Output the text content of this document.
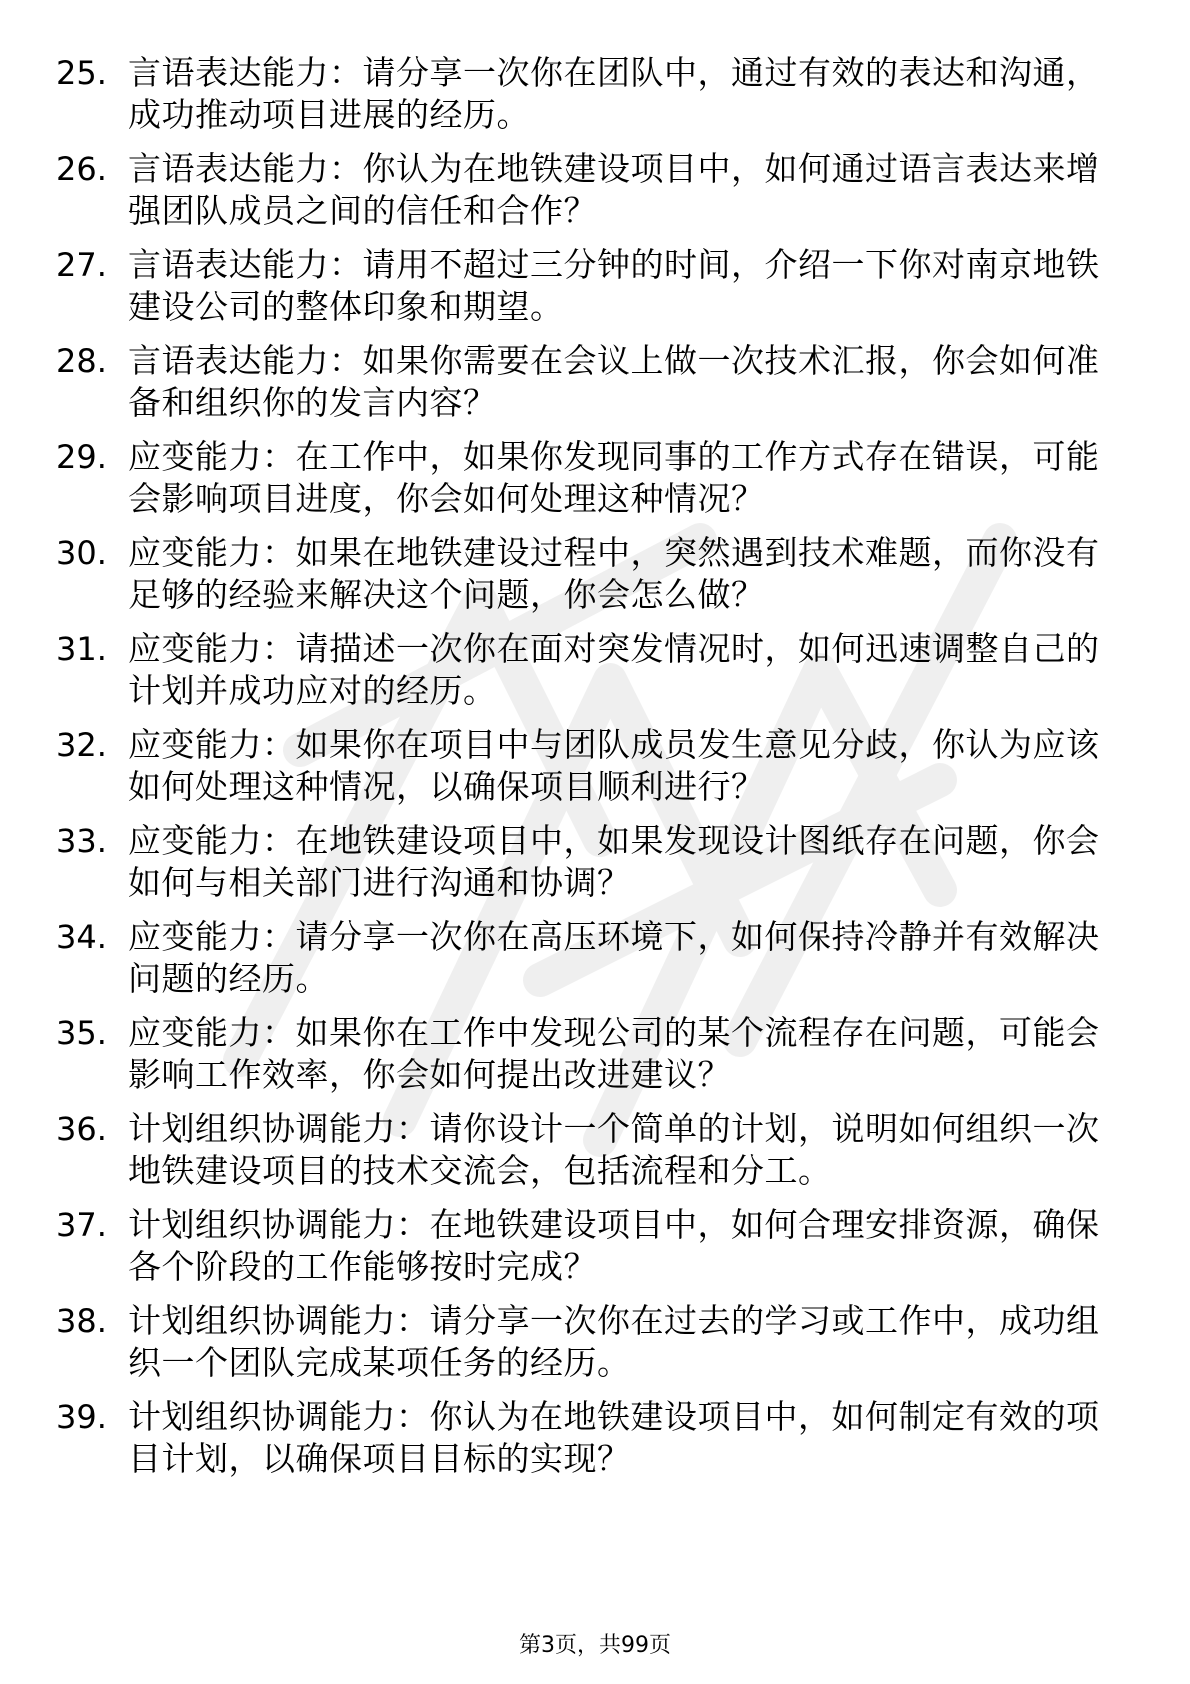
25. 言语表达能力：请分享一次你在团队中，通过有效的表达和沟通，成功推动项目进展的经历。
26. 言语表达能力：你认为在地铁建设项目中，如何通过语言表达来增强团队成员之间的信任和合作？
27. 言语表达能力：请用不超过三分钟的时间，介绍一下你对南京地铁建设公司的整体印象和期望。
28. 言语表达能力：如果你需要在会议上做一次技术汇报，你会如何准备和组织你的发言内容？
29. 应变能力：在工作中，如果你发现同事的工作方式存在错误，可能会影响项目进度，你会如何处理这种情况？
30. 应变能力：如果在地铁建设过程中，突然遇到技术难题，而你没有足够的经验来解决这个问题，你会怎么做？
31. 应变能力：请描述一次你在面对突发情况时，如何迅速调整自己的计划并成功应对的经历。
32. 应变能力：如果你在项目中与团队成员发生意见分歧，你认为应该如何处理这种情况，以确保项目顺利进行？
33. 应变能力：在地铁建设项目中，如果发现设计图纸存在问题，你会如何与相关部门进行沟通和协调？
34. 应变能力：请分享一次你在高压环境下，如何保持冷静并有效解决问题的经历。
35. 应变能力：如果你在工作中发现公司的某个流程存在问题，可能会影响工作效率，你会如何提出改进建议？
36. 计划组织协调能力：请你设计一个简单的计划，说明如何组织一次地铁建设项目的技术交流会，包括流程和分工。
37. 计划组织协调能力：在地铁建设项目中，如何合理安排资源，确保各个阶段的工作能够按时完成？
38. 计划组织协调能力：请分享一次你在过去的学习或工作中，成功组织一个团队完成某项任务的经历。
39. 计划组织协调能力：你认为在地铁建设项目中，如何制定有效的项目计划，以确保项目目标的实现？
第3页，共99页
